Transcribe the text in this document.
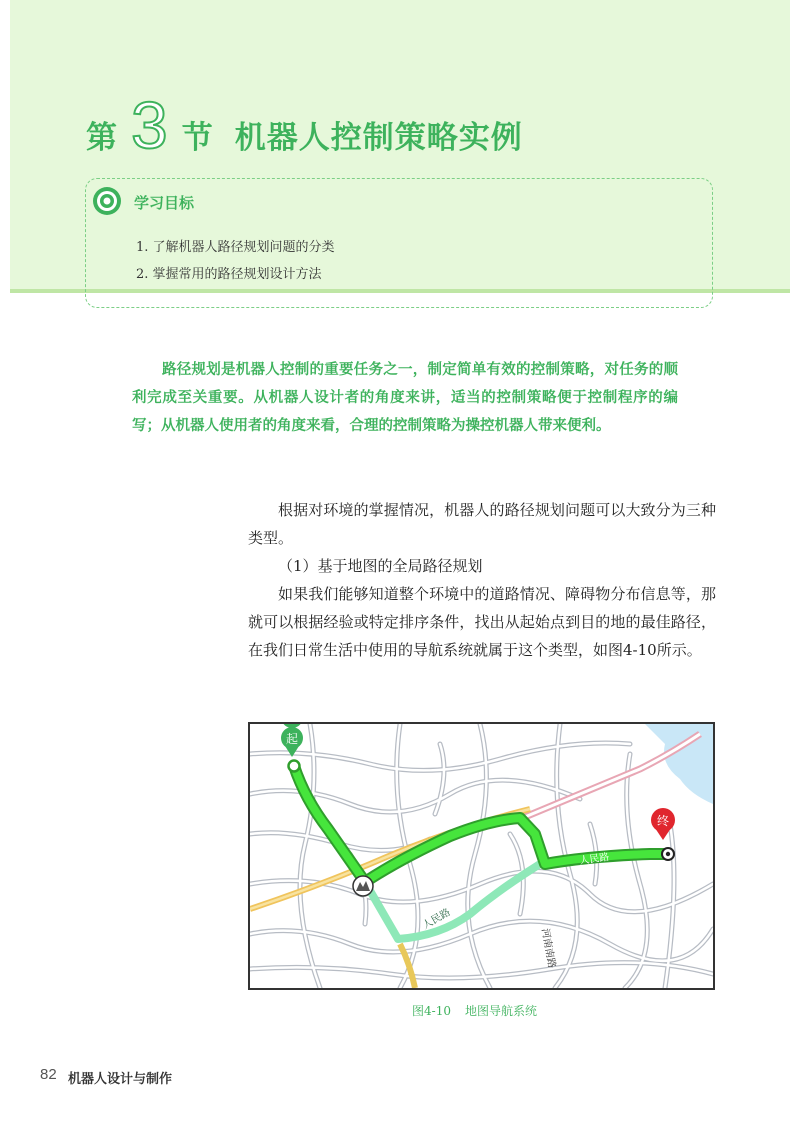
第 3 节 机器人控制策略实例
学习目标
1. 了解机器人路径规划问题的分类
2. 掌握常用的路径规划设计方法
路径规划是机器人控制的重要任务之一，制定简单有效的控制策略，对任务的顺利完成至关重要。从机器人设计者的角度来讲，适当的控制策略便于控制程序的编写；从机器人使用者的角度来看，合理的控制策略为操控机器人带来便利。
根据对环境的掌握情况，机器人的路径规划问题可以大致分为三种类型。
（1）基于地图的全局路径规划
如果我们能够知道整个环境中的道路情况、障碍物分布信息等，那就可以根据经验或特定排序条件，找出从起始点到目的地的最佳路径，在我们日常生活中使用的导航系统就属于这个类型，如图4-10所示。
人民路
人民路
河南南路
起
终
图4-10 地图导航系统
82 机器人设计与制作
